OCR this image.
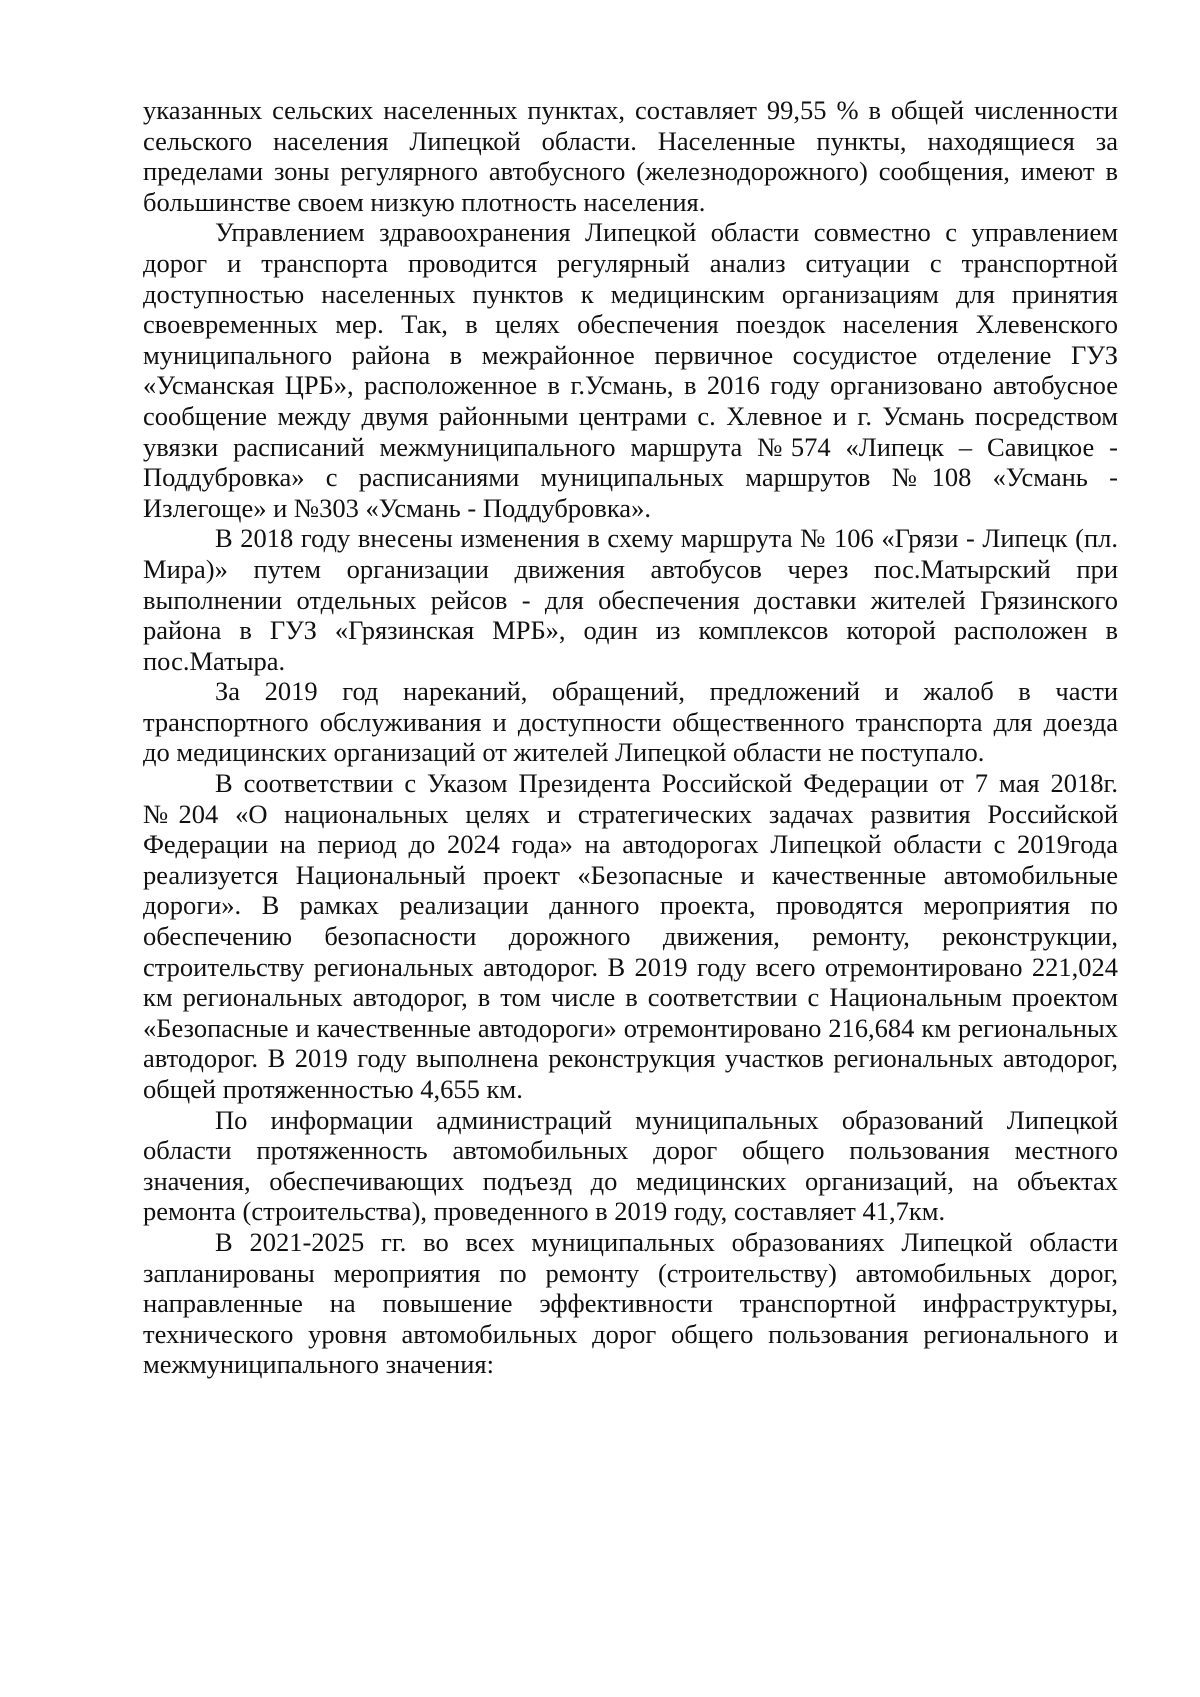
указанных сельских населенных пунктах, составляет 99,55 % в общей численности сельского населения Липецкой области. Населенные пункты, находящиеся за пределами зоны регулярного автобусного (железнодорожного) сообщения, имеют в большинстве своем низкую плотность населения.

Управлением здравоохранения Липецкой области совместно с управлением дорог и транспорта проводится регулярный анализ ситуации с транспортной доступностью населенных пунктов к медицинским организациям для принятия своевременных мер. Так, в целях обеспечения поездок населения Хлевенского муниципального района в межрайонное первичное сосудистое отделение ГУЗ «Усманская ЦРБ», расположенное в г.Усмань, в 2016 году организовано автобусное сообщение между двумя районными центрами с. Хлевное и г. Усмань посредством увязки расписаний межмуниципального маршрута №574 «Липецк – Савицкое - Поддубровка» с расписаниями муниципальных маршрутов №108 «Усмань - Излегоще» и №303 «Усмань - Поддубровка».

В 2018 году внесены изменения в схему маршрута № 106 «Грязи - Липецк (пл. Мира)» путем организации движения автобусов через пос.Матырский при выполнении отдельных рейсов - для обеспечения доставки жителей Грязинского района в ГУЗ «Грязинская МРБ», один из комплексов которой расположен в пос.Матыра.

За 2019 год нареканий, обращений, предложений и жалоб в части транспортного обслуживания и доступности общественного транспорта для доезда до медицинских организаций от жителей Липецкой области не поступало.

В соответствии с Указом Президента Российской Федерации от 7 мая 2018г. №204 «О национальных целях и стратегических задачах развития Российской Федерации на период до 2024 года» на автодорогах Липецкой области с 2019года реализуется Национальный проект «Безопасные и качественные автомобильные дороги». В рамках реализации данного проекта, проводятся мероприятия по обеспечению безопасности дорожного движения, ремонту, реконструкции, строительству региональных автодорог. В 2019 году всего отремонтировано 221,024 км региональных автодорог, в том числе в соответствии с Национальным проектом «Безопасные и качественные автодороги» отремонтировано 216,684 км региональных автодорог. В 2019 году выполнена реконструкция участков региональных автодорог, общей протяженностью 4,655 км.

По информации администраций муниципальных образований Липецкой области протяженность автомобильных дорог общего пользования местного значения, обеспечивающих подъезд до медицинских организаций, на объектах ремонта (строительства), проведенного в 2019 году, составляет 41,7км.

В 2021-2025 гг. во всех муниципальных образованиях Липецкой области запланированы мероприятия по ремонту (строительству) автомобильных дорог, направленные на повышение эффективности транспортной инфраструктуры, технического уровня автомобильных дорог общего пользования регионального и межмуниципального значения:
